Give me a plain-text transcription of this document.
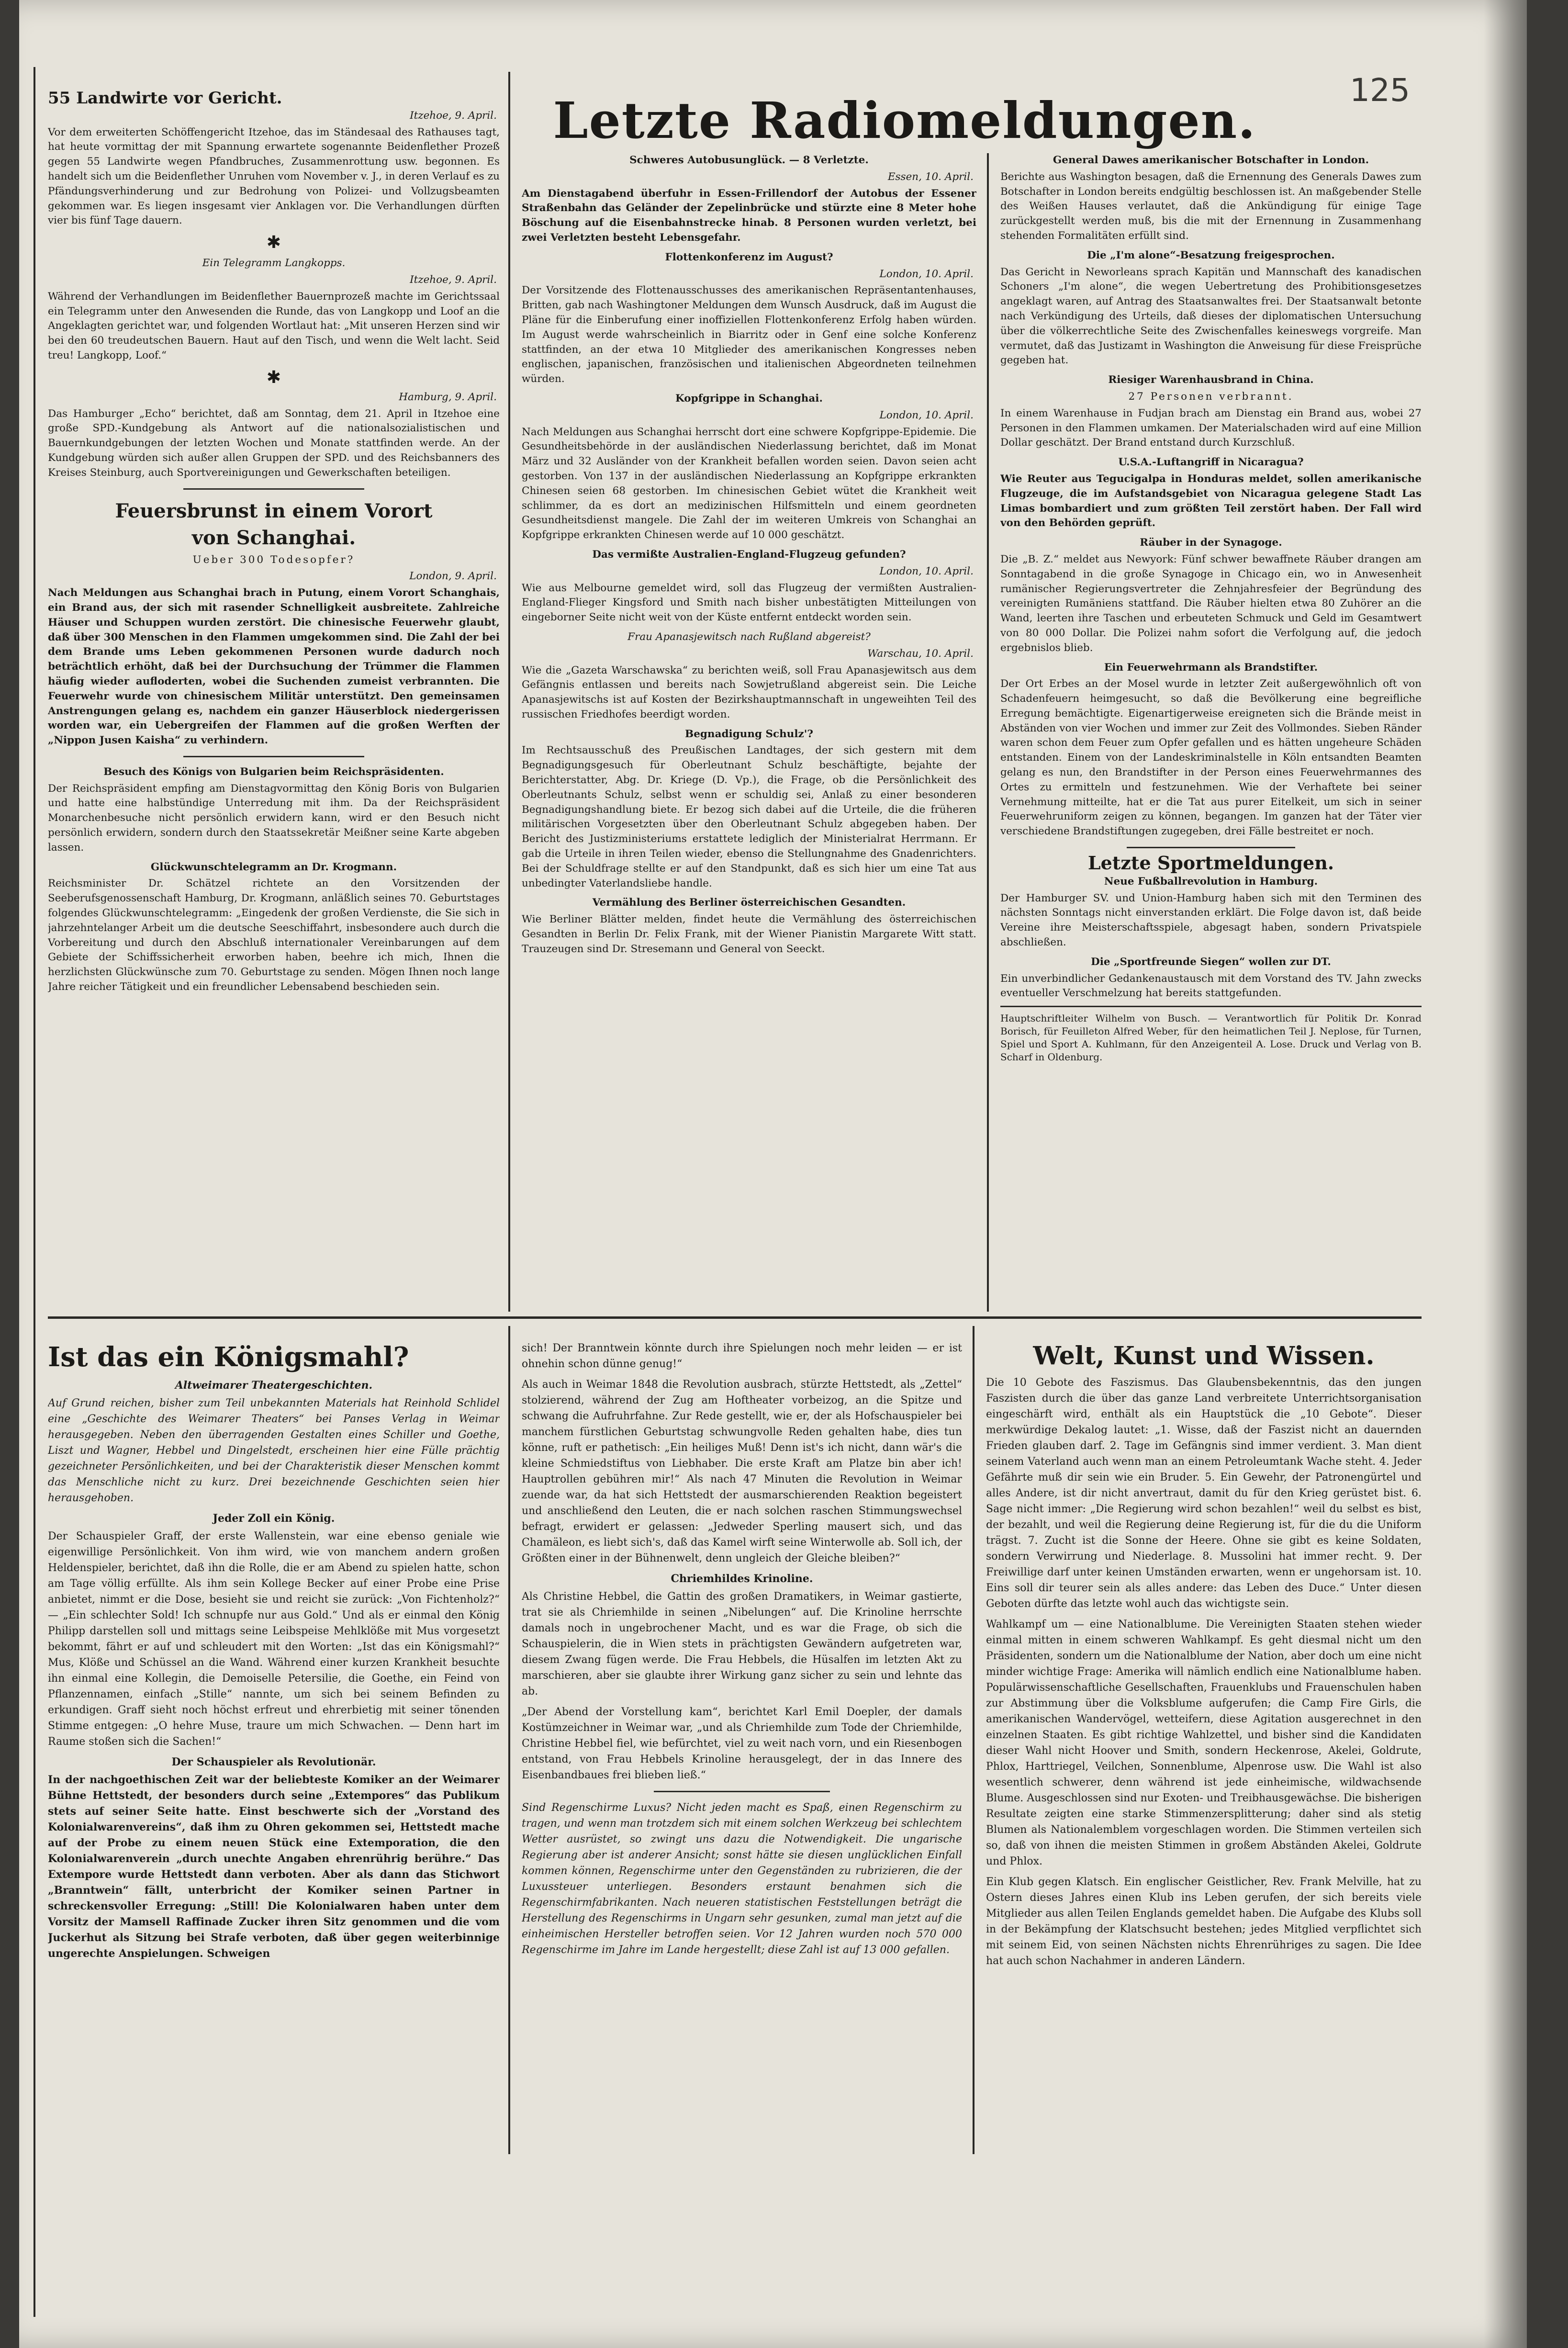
125
Letzte Radiomeldungen.
55 Landwirte vor Gericht.
Itzehoe, 9. April.

Vor dem erweiterten Schöffengericht Itzehoe, das im Ständesaal des Rathauses tagt, hat heute vormittag der mit Spannung erwartete sogenannte Beidenflether Prozeß gegen 55 Landwirte wegen Pfandbruches, Zusammenrottung usw. begonnen. Es handelt sich um die Beidenflether Unruhen vom November v. J., in deren Verlauf es zu Pfändungsverhinderung und zur Bedrohung von Polizei- und Vollzugsbeamten gekommen war. Es liegen insgesamt vier Anklagen vor. Die Verhandlungen dürften vier bis fünf Tage dauern.

✱
Ein Telegramm Langkopps.
Itzehoe, 9. April.

Während der Verhandlungen im Beidenflether Bauernprozeß machte im Gerichtssaal ein Telegramm unter den Anwesenden die Runde, das von Langkopp und Loof an die Angeklagten gerichtet war, und folgenden Wortlaut hat: „Mit unseren Herzen sind wir bei den 60 treudeutschen Bauern. Haut auf den Tisch, und wenn die Welt lacht. Seid treu! Langkopp, Loof.“

✱
Hamburg, 9. April.

Das Hamburger „Echo“ berichtet, daß am Sonntag, dem 21. April in Itzehoe eine große SPD.-Kundgebung als Antwort auf die nationalsozialistischen und Bauernkundgebungen der letzten Wochen und Monate stattfinden werde. An der Kundgebung würden sich außer allen Gruppen der SPD. und des Reichsbanners des Kreises Steinburg, auch Sportvereinigungen und Gewerkschaften beteiligen.

Feuersbrunst in einem Vorort
von Schanghai.
Ueber 300 Todesopfer?
London, 9. April.

Nach Meldungen aus Schanghai brach in Putung, einem Vorort Schanghais, ein Brand aus, der sich mit rasender Schnelligkeit ausbreitete. Zahlreiche Häuser und Schuppen wurden zerstört. Die chinesische Feuerwehr glaubt, daß über 300 Menschen in den Flammen umgekommen sind. Die Zahl der bei dem Brande ums Leben gekommenen Personen wurde dadurch noch beträchtlich erhöht, daß bei der Durchsuchung der Trümmer die Flammen häufig wieder aufloderten, wobei die Suchenden zumeist verbrannten. Die Feuerwehr wurde von chinesischem Militär unterstützt. Den gemeinsamen Anstrengungen gelang es, nachdem ein ganzer Häuserblock niedergerissen worden war, ein Uebergreifen der Flammen auf die großen Werften der „Nippon Jusen Kaisha“ zu verhindern.

Besuch des Königs von Bulgarien beim Reichspräsidenten.

Der Reichspräsident empfing am Dienstagvormittag den König Boris von Bulgarien und hatte eine halbstündige Unterredung mit ihm. Da der Reichspräsident Monarchenbesuche nicht persönlich erwidern kann, wird er den Besuch nicht persönlich erwidern, sondern durch den Staatssekretär Meißner seine Karte abgeben lassen.

Glückwunschtelegramm an Dr. Krogmann.

Reichsminister Dr. Schätzel richtete an den Vorsitzenden der Seeberufsgenossenschaft Hamburg, Dr. Krogmann, anläßlich seines 70. Geburtstages folgendes Glückwunschtelegramm: „Eingedenk der großen Verdienste, die Sie sich in jahrzehntelanger Arbeit um die deutsche Seeschiffahrt, insbesondere auch durch die Vorbereitung und durch den Abschluß internationaler Vereinbarungen auf dem Gebiete der Schiffssicherheit erworben haben, beehre ich mich, Ihnen die herzlichsten Glückwünsche zum 70. Geburtstage zu senden. Mögen Ihnen noch lange Jahre reicher Tätigkeit und ein freundlicher Lebensabend beschieden sein.

Schweres Autobusunglück. — 8 Verletzte.
Essen, 10. April.

Am Dienstagabend überfuhr in Essen-Frillendorf der Autobus der Essener Straßenbahn das Geländer der Zepelinbrücke und stürzte eine 8 Meter hohe Böschung auf die Eisenbahnstrecke hinab. 8 Personen wurden verletzt, bei zwei Verletzten besteht Lebensgefahr.

Flottenkonferenz im August?
London, 10. April.

Der Vorsitzende des Flottenausschusses des amerikanischen Repräsentantenhauses, Britten, gab nach Washingtoner Meldungen dem Wunsch Ausdruck, daß im August die Pläne für die Einberufung einer inoffiziellen Flottenkonferenz Erfolg haben würden. Im August werde wahrscheinlich in Biarritz oder in Genf eine solche Konferenz stattfinden, an der etwa 10 Mitglieder des amerikanischen Kongresses neben englischen, japanischen, französischen und italienischen Abgeordneten teilnehmen würden.

Kopfgrippe in Schanghai.
London, 10. April.

Nach Meldungen aus Schanghai herrscht dort eine schwere Kopfgrippe-Epidemie. Die Gesundheitsbehörde in der ausländischen Niederlassung berichtet, daß im Monat März und 32 Ausländer von der Krankheit befallen worden seien. Davon seien acht gestorben. Von 137 in der ausländischen Niederlassung an Kopfgrippe erkrankten Chinesen seien 68 gestorben. Im chinesischen Gebiet wütet die Krankheit weit schlimmer, da es dort an medizinischen Hilfsmitteln und einem geordneten Gesundheitsdienst mangele. Die Zahl der im weiteren Umkreis von Schanghai an Kopfgrippe erkrankten Chinesen werde auf 10 000 geschätzt.

Das vermißte Australien-England-Flugzeug gefunden?
London, 10. April.

Wie aus Melbourne gemeldet wird, soll das Flugzeug der vermißten Australien-England-Flieger Kingsford und Smith nach bisher unbestätigten Mitteilungen von eingeborner Seite nicht weit von der Küste entfernt entdeckt worden sein.

Frau Apanasjewitsch nach Rußland abgereist?
Warschau, 10. April.

Wie die „Gazeta Warschawska“ zu berichten weiß, soll Frau Apanasjewitsch aus dem Gefängnis entlassen und bereits nach Sowjetrußland abgereist sein. Die Leiche Apanasjewitschs ist auf Kosten der Bezirkshauptmannschaft in ungeweihten Teil des russischen Friedhofes beerdigt worden.

Begnadigung Schulz'?

Im Rechtsausschuß des Preußischen Landtages, der sich gestern mit dem Begnadigungsgesuch für Oberleutnant Schulz beschäftigte, bejahte der Berichterstatter, Abg. Dr. Kriege (D. Vp.), die Frage, ob die Persönlichkeit des Oberleutnants Schulz, selbst wenn er schuldig sei, Anlaß zu einer besonderen Begnadigungshandlung biete. Er bezog sich dabei auf die Urteile, die die früheren militärischen Vorgesetzten über den Oberleutnant Schulz abgegeben haben. Der Bericht des Justizministeriums erstattete lediglich der Ministerialrat Herrmann. Er gab die Urteile in ihren Teilen wieder, ebenso die Stellungnahme des Gnadenrichters. Bei der Schuldfrage stellte er auf den Standpunkt, daß es sich hier um eine Tat aus unbedingter Vaterlandsliebe handle.

Vermählung des Berliner österreichischen Gesandten.

Wie Berliner Blätter melden, findet heute die Vermählung des österreichischen Gesandten in Berlin Dr. Felix Frank, mit der Wiener Pianistin Margarete Witt statt. Trauzeugen sind Dr. Stresemann und General von Seeckt.

General Dawes amerikanischer Botschafter in London.

Berichte aus Washington besagen, daß die Ernennung des Generals Dawes zum Botschafter in London bereits endgültig beschlossen ist. An maßgebender Stelle des Weißen Hauses verlautet, daß die Ankündigung für einige Tage zurückgestellt werden muß, bis die mit der Ernennung in Zusammenhang stehenden Formalitäten erfüllt sind.

Die „I'm alone“-Besatzung freigesprochen.

Das Gericht in Neworleans sprach Kapitän und Mannschaft des kanadischen Schoners „I'm alone“, die wegen Uebertretung des Prohibitionsgesetzes angeklagt waren, auf Antrag des Staatsanwaltes frei. Der Staatsanwalt betonte nach Verkündigung des Urteils, daß dieses der diplomatischen Untersuchung über die völkerrechtliche Seite des Zwischenfalles keineswegs vorgreife. Man vermutet, daß das Justizamt in Washington die Anweisung für diese Freisprüche gegeben hat.

Riesiger Warenhausbrand in China.
27 Personen verbrannt.

In einem Warenhause in Fudjan brach am Dienstag ein Brand aus, wobei 27 Personen in den Flammen umkamen. Der Materialschaden wird auf eine Million Dollar geschätzt. Der Brand entstand durch Kurzschluß.

U.S.A.-Luftangriff in Nicaragua?

Wie Reuter aus Tegucigalpa in Honduras meldet, sollen amerikanische Flugzeuge, die im Aufstandsgebiet von Nicaragua gelegene Stadt Las Limas bombardiert und zum größten Teil zerstört haben. Der Fall wird von den Behörden geprüft.

Räuber in der Synagoge.

Die „B. Z.“ meldet aus Newyork: Fünf schwer bewaffnete Räuber drangen am Sonntagabend in die große Synagoge in Chicago ein, wo in Anwesenheit rumänischer Regierungsvertreter die Zehnjahresfeier der Begründung des vereinigten Rumäniens stattfand. Die Räuber hielten etwa 80 Zuhörer an die Wand, leerten ihre Taschen und erbeuteten Schmuck und Geld im Gesamtwert von 80 000 Dollar. Die Polizei nahm sofort die Verfolgung auf, die jedoch ergebnislos blieb.

Ein Feuerwehrmann als Brandstifter.

Der Ort Erbes an der Mosel wurde in letzter Zeit außergewöhnlich oft von Schadenfeuern heimgesucht, so daß die Bevölkerung eine begreifliche Erregung bemächtigte. Eigenartigerweise ereigneten sich die Brände meist in Abständen von vier Wochen und immer zur Zeit des Vollmondes. Sieben Ränder waren schon dem Feuer zum Opfer gefallen und es hätten ungeheure Schäden entstanden. Einem von der Landeskriminalstelle in Köln entsandten Beamten gelang es nun, den Brandstifter in der Person eines Feuerwehrmannes des Ortes zu ermitteln und festzunehmen. Wie der Verhaftete bei seiner Vernehmung mitteilte, hat er die Tat aus purer Eitelkeit, um sich in seiner Feuerwehruniform zeigen zu können, begangen. Im ganzen hat der Täter vier verschiedene Brandstiftungen zugegeben, drei Fälle bestreitet er noch.

Letzte Sportmeldungen.
Neue Fußballrevolution in Hamburg.

Der Hamburger SV. und Union-Hamburg haben sich mit den Terminen des nächsten Sonntags nicht einverstanden erklärt. Die Folge davon ist, daß beide Vereine ihre Meisterschaftsspiele, abgesagt haben, sondern Privatspiele abschließen.

Die „Sportfreunde Siegen“ wollen zur DT.

Ein unverbindlicher Gedankenaustausch mit dem Vorstand des TV. Jahn zwecks eventueller Verschmelzung hat bereits stattgefunden.

Hauptschriftleiter Wilhelm von Busch. — Verantwortlich für Politik Dr. Konrad Borisch, für Feuilleton Alfred Weber, für den heimatlichen Teil J. Neplose, für Turnen, Spiel und Sport A. Kuhlmann, für den Anzeigenteil A. Lose. Druck und Verlag von B. Scharf in Oldenburg.

Ist das ein Königsmahl?
Altweimarer Theatergeschichten.

Auf Grund reichen, bisher zum Teil unbekannten Materials hat Reinhold Schlidel eine „Geschichte des Weimarer Theaters“ bei Panses Verlag in Weimar herausgegeben. Neben den überragenden Gestalten eines Schiller und Goethe, Liszt und Wagner, Hebbel und Dingelstedt, erscheinen hier eine Fülle prächtig gezeichneter Persönlichkeiten, und bei der Charakteristik dieser Menschen kommt das Menschliche nicht zu kurz. Drei bezeichnende Geschichten seien hier herausgehoben.

Jeder Zoll ein König.

Der Schauspieler Graff, der erste Wallenstein, war eine ebenso geniale wie eigenwillige Persönlichkeit. Von ihm wird, wie von manchem andern großen Heldenspieler, berichtet, daß ihn die Rolle, die er am Abend zu spielen hatte, schon am Tage völlig erfüllte. Als ihm sein Kollege Becker auf einer Probe eine Prise anbietet, nimmt er die Dose, besieht sie und reicht sie zurück: „Von Fichtenholz?“ — „Ein schlechter Sold! Ich schnupfe nur aus Gold.“ Und als er einmal den König Philipp darstellen soll und mittags seine Leibspeise Mehlklöße mit Mus vorgesetzt bekommt, fährt er auf und schleudert mit den Worten: „Ist das ein Königsmahl?“ Mus, Klöße und Schüssel an die Wand. Während einer kurzen Krankheit besuchte ihn einmal eine Kollegin, die Demoiselle Petersilie, die Goethe, ein Feind von Pflanzennamen, einfach „Stille“ nannte, um sich bei seinem Befinden zu erkundigen. Graff sieht noch höchst erfreut und ehrerbietig mit seiner tönenden Stimme entgegen: „O hehre Muse, traure um mich Schwachen. — Denn hart im Raume stoßen sich die Sachen!“

Der Schauspieler als Revolutionär.

In der nachgoethischen Zeit war der beliebteste Komiker an der Weimarer Bühne Hettstedt, der besonders durch seine „Extempores“ das Publikum stets auf seiner Seite hatte. Einst beschwerte sich der „Vorstand des Kolonialwarenvereins“, daß ihm zu Ohren gekommen sei, Hettstedt mache auf der Probe zu einem neuen Stück eine Extemporation, die den Kolonialwarenverein „durch unechte Angaben ehrenrührig berühre.“ Das Extempore wurde Hettstedt dann verboten. Aber als dann das Stichwort „Branntwein“ fällt, unterbricht der Komiker seinen Partner in schreckensvoller Erregung: „Still! Die Kolonialwaren haben unter dem Vorsitz der Mamsell Raffinade Zucker ihren Sitz genommen und die vom Juckerhut als Sitzung bei Strafe verboten, daß über gegen weiterbinnige ungerechte Anspielungen. Schweigen

sich! Der Branntwein könnte durch ihre Spielungen noch mehr leiden — er ist ohnehin schon dünne genug!“

Als auch in Weimar 1848 die Revolution ausbrach, stürzte Hettstedt, als „Zettel“ stolzierend, während der Zug am Hoftheater vorbeizog, an die Spitze und schwang die Aufruhrfahne. Zur Rede gestellt, wie er, der als Hofschauspieler bei manchem fürstlichen Geburtstag schwungvolle Reden gehalten habe, dies tun könne, ruft er pathetisch: „Ein heiliges Muß! Denn ist's ich nicht, dann wär's die kleine Schmiedstiftus von Liebhaber. Die erste Kraft am Platze bin aber ich! Hauptrollen gebühren mir!“ Als nach 47 Minuten die Revolution in Weimar zuende war, da hat sich Hettstedt der ausmarschierenden Reaktion begeistert und anschließend den Leuten, die er nach solchen raschen Stimmungswechsel befragt, erwidert er gelassen: „Jedweder Sperling mausert sich, und das Chamäleon, es liebt sich's, daß das Kamel wirft seine Winterwolle ab. Soll ich, der Größten einer in der Bühnenwelt, denn ungleich der Gleiche bleiben?“

Chriemhildes Krinoline.

Als Christine Hebbel, die Gattin des großen Dramatikers, in Weimar gastierte, trat sie als Chriemhilde in seinen „Nibelungen“ auf. Die Krinoline herrschte damals noch in ungebrochener Macht, und es war die Frage, ob sich die Schauspielerin, die in Wien stets in prächtigsten Gewändern aufgetreten war, diesem Zwang fügen werde. Die Frau Hebbels, die Hüsalfen im letzten Akt zu marschieren, aber sie glaubte ihrer Wirkung ganz sicher zu sein und lehnte das ab.

„Der Abend der Vorstellung kam“, berichtet Karl Emil Doepler, der damals Kostümzeichner in Weimar war, „und als Chriemhilde zum Tode der Chriemhilde, Christine Hebbel fiel, wie befürchtet, viel zu weit nach vorn, und ein Riesenbogen entstand, von Frau Hebbels Krinoline herausgelegt, der in das Innere des Eisenbandbaues frei blieben ließ.“

Sind Regenschirme Luxus? Nicht jeden macht es Spaß, einen Regenschirm zu tragen, und wenn man trotzdem sich mit einem solchen Werkzeug bei schlechtem Wetter ausrüstet, so zwingt uns dazu die Notwendigkeit. Die ungarische Regierung aber ist anderer Ansicht; sonst hätte sie diesen unglücklichen Einfall kommen können, Regenschirme unter den Gegenständen zu rubrizieren, die der Luxussteuer unterliegen. Besonders erstaunt benahmen sich die Regenschirmfabrikanten. Nach neueren statistischen Feststellungen beträgt die Herstellung des Regenschirms in Ungarn sehr gesunken, zumal man jetzt auf die einheimischen Hersteller betroffen seien. Vor 12 Jahren wurden noch 570 000 Regenschirme im Jahre im Lande hergestellt; diese Zahl ist auf 13 000 gefallen.

Welt, Kunst und Wissen.

Die 10 Gebote des Faszismus. Das Glaubensbekenntnis, das den jungen Faszisten durch die über das ganze Land verbreitete Unterrichtsorganisation eingeschärft wird, enthält als ein Hauptstück die „10 Gebote“. Dieser merkwürdige Dekalog lautet: „1. Wisse, daß der Faszist nicht an dauernden Frieden glauben darf. 2. Tage im Gefängnis sind immer verdient. 3. Man dient seinem Vaterland auch wenn man an einem Petroleumtank Wache steht. 4. Jeder Gefährte muß dir sein wie ein Bruder. 5. Ein Gewehr, der Patronengürtel und alles Andere, ist dir nicht anvertraut, damit du für den Krieg gerüstet bist. 6. Sage nicht immer: „Die Regierung wird schon bezahlen!“ weil du selbst es bist, der bezahlt, und weil die Regierung deine Regierung ist, für die du die Uniform trägst. 7. Zucht ist die Sonne der Heere. Ohne sie gibt es keine Soldaten, sondern Verwirrung und Niederlage. 8. Mussolini hat immer recht. 9. Der Freiwillige darf unter keinen Umständen erwarten, wenn er ungehorsam ist. 10. Eins soll dir teurer sein als alles andere: das Leben des Duce.“ Unter diesen Geboten dürfte das letzte wohl auch das wichtigste sein.

Wahlkampf um — eine Nationalblume. Die Vereinigten Staaten stehen wieder einmal mitten in einem schweren Wahlkampf. Es geht diesmal nicht um den Präsidenten, sondern um die Nationalblume der Nation, aber doch um eine nicht minder wichtige Frage: Amerika will nämlich endlich eine Nationalblume haben. Populärwissenschaftliche Gesellschaften, Frauenklubs und Frauenschulen haben zur Abstimmung über die Volksblume aufgerufen; die Camp Fire Girls, die amerikanischen Wandervögel, wetteifern, diese Agitation ausgerechnet in den einzelnen Staaten. Es gibt richtige Wahlzettel, und bisher sind die Kandidaten dieser Wahl nicht Hoover und Smith, sondern Heckenrose, Akelei, Goldrute, Phlox, Harttriegel, Veilchen, Sonnenblume, Alpenrose usw. Die Wahl ist also wesentlich schwerer, denn während ist jede einheimische, wildwachsende Blume. Ausgeschlossen sind nur Exoten- und Treibhausgewächse. Die bisherigen Resultate zeigten eine starke Stimmenzersplitterung; daher sind als stetig Blumen als Nationalemblem vorgeschlagen worden. Die Stimmen verteilen sich so, daß von ihnen die meisten Stimmen in großem Abständen Akelei, Goldrute und Phlox.

Ein Klub gegen Klatsch. Ein englischer Geistlicher, Rev. Frank Melville, hat zu Ostern dieses Jahres einen Klub ins Leben gerufen, der sich bereits viele Mitglieder aus allen Teilen Englands gemeldet haben. Die Aufgabe des Klubs soll in der Bekämpfung der Klatschsucht bestehen; jedes Mitglied verpflichtet sich mit seinem Eid, von seinen Nächsten nichts Ehrenrühriges zu sagen. Die Idee hat auch schon Nachahmer in anderen Ländern.
